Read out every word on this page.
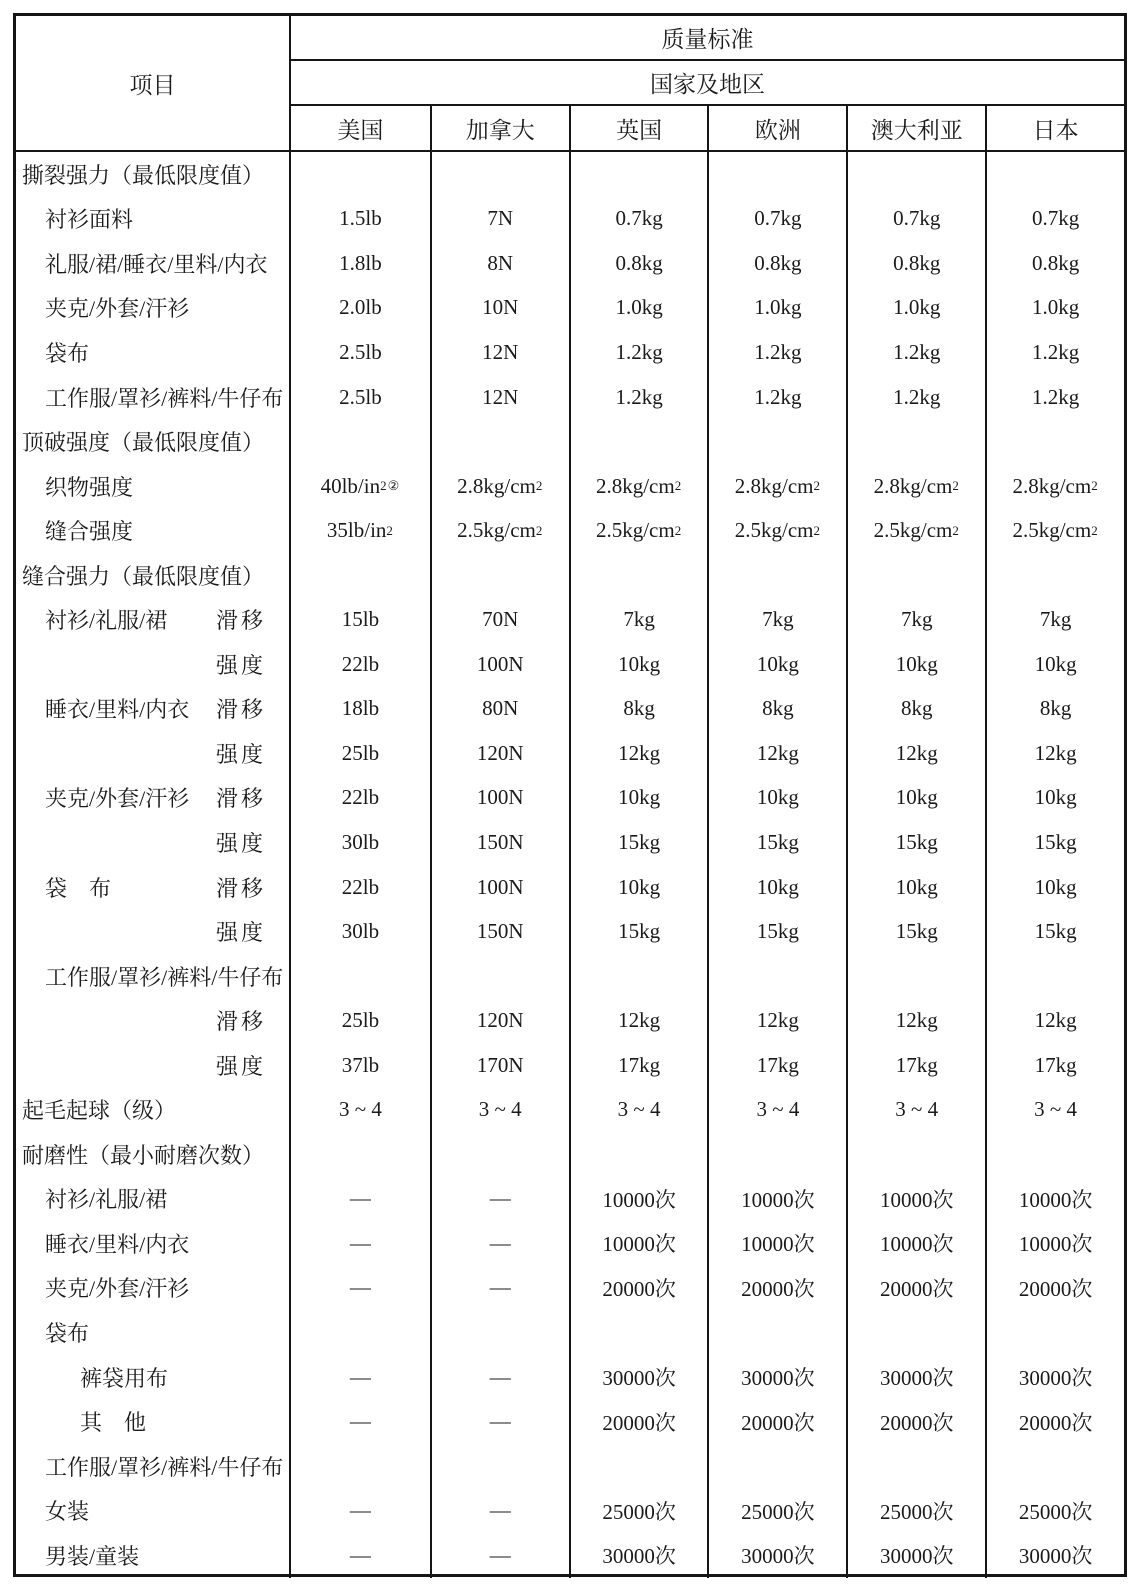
项目
质量标准
国家及地区
美国	加拿大	英国	欧洲	澳大利亚	日本
撕裂强力（最低限度值）
衬衫面料	1.5lb	7N	0.7kg	0.7kg	0.7kg	0.7kg
礼服/裙/睡衣/里料/内衣	1.8lb	8N	0.8kg	0.8kg	0.8kg	0.8kg
夹克/外套/汗衫	2.0lb	10N	1.0kg	1.0kg	1.0kg	1.0kg
袋布	2.5lb	12N	1.2kg	1.2kg	1.2kg	1.2kg
工作服/罩衫/裤料/牛仔布	2.5lb	12N	1.2kg	1.2kg	1.2kg	1.2kg
顶破强度（最低限度值）
织物强度	40lb/in 2②	2.8kg/cm 2	2.8kg/cm 2	2.8kg/cm 2	2.8kg/cm 2	2.8kg/cm 2
缝合强度	35lb/in 2	2.5kg/cm 2	2.5kg/cm 2	2.5kg/cm 2	2.5kg/cm 2	2.5kg/cm 2
缝合强力（最低限度值）
衬衫/礼服/裙 滑移	15lb	70N	7kg	7kg	7kg	7kg
强度	22lb	100N	10kg	10kg	10kg	10kg
睡衣/里料/内衣 滑移	18lb	80N	8kg	8kg	8kg	8kg
强度	25lb	120N	12kg	12kg	12kg	12kg
夹克/外套/汗衫 滑移	22lb	100N	10kg	10kg	10kg	10kg
强度	30lb	150N	15kg	15kg	15kg	15kg
袋　布	滑移	22lb	100N	10kg	10kg	10kg	10kg
强度	30lb	150N	15kg	15kg	15kg	15kg
工作服/罩衫/裤料/牛仔布
滑移	25lb	120N	12kg	12kg	12kg	12kg
强度	37lb	170N	17kg	17kg	17kg	17kg
起毛起球（级）	3 ~ 4	3 ~ 4	3 ~ 4	3 ~ 4	3 ~ 4	3 ~ 4
耐磨性（最小耐磨次数）
衬衫/礼服/裙	—	—	10000次	10000次	10000次	10000次
睡衣/里料/内衣	—	—	10000次	10000次	10000次	10000次
夹克/外套/汗衫	—	—	20000次	20000次	20000次	20000次
袋布
裤袋用布	—	—	30000次	30000次	30000次	30000次
其　他	—	—	20000次	20000次	20000次	20000次
工作服/罩衫/裤料/牛仔布
女装	—	—	25000次	25000次	25000次	25000次
男装/童装	—	—	30000次	30000次	30000次	30000次
